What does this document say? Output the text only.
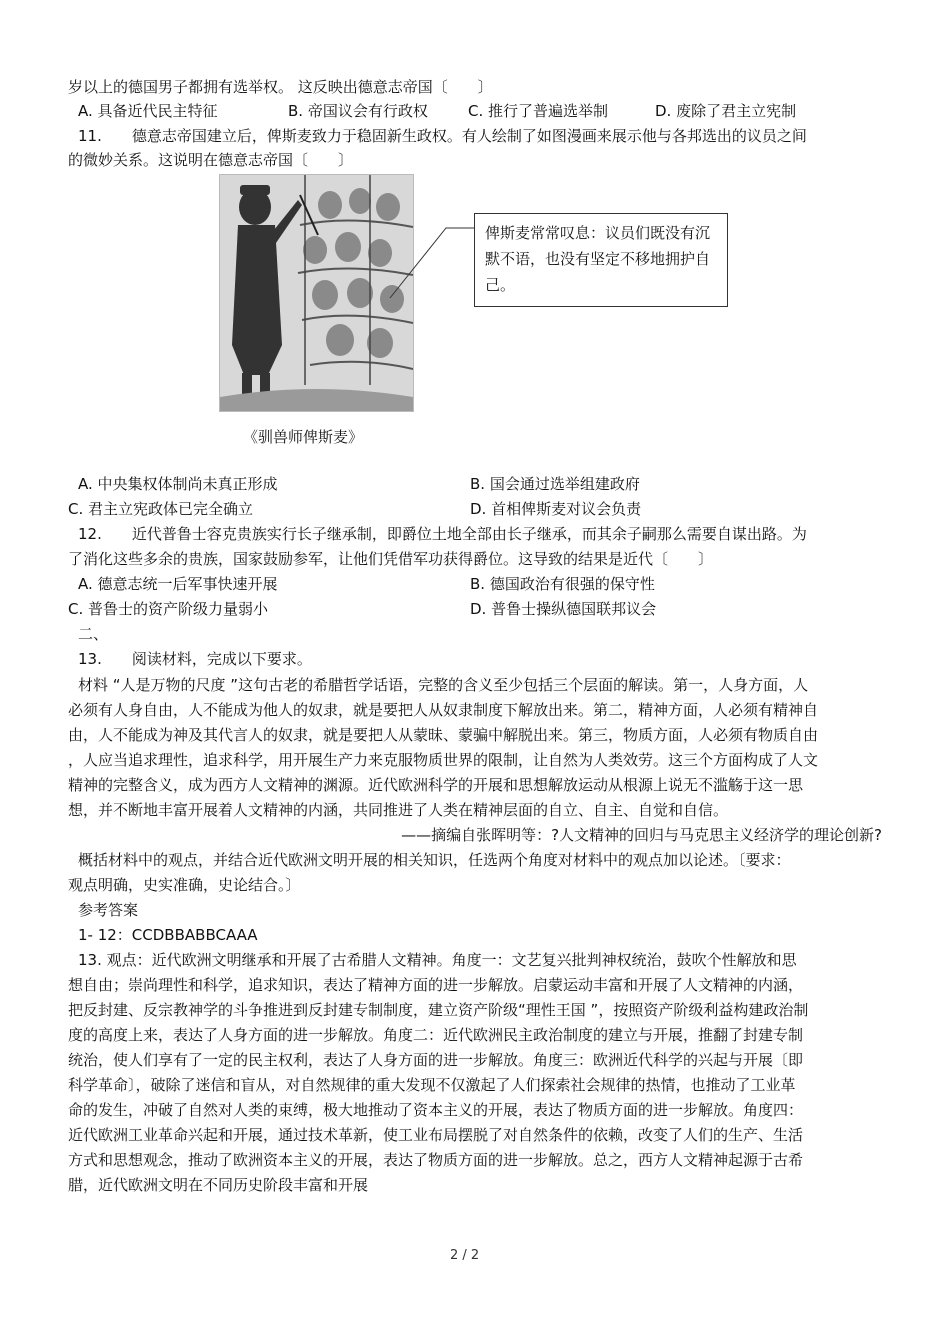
岁以上的德国男子都拥有选举权。 这反映出德意志帝国〔　　〕
A. 具备近代民主特征	B. 帝国议会有行政权	C. 推行了普遍选举制	D. 废除了君主立宪制
11.　　德意志帝国建立后，俾斯麦致力于稳固新生政权。有人绘制了如图漫画来展示他与各邦选出的议员之间
的微妙关系。这说明在德意志帝国〔　　〕
俾斯麦常常叹息：议员们既没有沉默不语，也没有坚定不移地拥护自己。
《驯兽师俾斯麦》
A. 中央集权体制尚未真正形成	B. 国会通过选举组建政府
C. 君主立宪政体已完全确立	D. 首相俾斯麦对议会负责
12.　　近代普鲁士容克贵族实行长子继承制，即爵位土地全部由长子继承，而其余子嗣那么需要自谋出路。为
了消化这些多余的贵族，国家鼓励参军，让他们凭借军功获得爵位。这导致的结果是近代〔　　〕
A. 德意志统一后军事快速开展	B. 德国政治有很强的保守性
C. 普鲁士的资产阶级力量弱小	D. 普鲁士操纵德国联邦议会
二、
13.　　阅读材料，完成以下要求。
材料 “人是万物的尺度 ”这句古老的希腊哲学话语，完整的含义至少包括三个层面的解读。第一，人身方面，人
必须有人身自由，人不能成为他人的奴隶，就是要把人从奴隶制度下解放出来。第二，精神方面，人必须有精神自
由，人不能成为神及其代言人的奴隶，就是要把人从蒙昧、蒙骗中解脱出来。第三，物质方面，人必须有物质自由
，人应当追求理性，追求科学，用开展生产力来克服物质世界的限制，让自然为人类效劳。这三个方面构成了人文
精神的完整含义，成为西方人文精神的渊源。近代欧洲科学的开展和思想解放运动从根源上说无不滥觞于这一思
想，并不断地丰富开展着人文精神的内涵，共同推进了人类在精神层面的自立、自主、自觉和自信。
——摘编自张晖明等：?人文精神的回归与马克思主义经济学的理论创新?
概括材料中的观点，并结合近代欧洲文明开展的相关知识，任选两个角度对材料中的观点加以论述。〔要求：
观点明确，史实准确，史论结合。〕
参考答案
1- 12：CCDBBABBCAAA
13. 观点：近代欧洲文明继承和开展了古希腊人文精神。角度一：文艺复兴批判神权统治，鼓吹个性解放和思
想自由；崇尚理性和科学，追求知识，表达了精神方面的进一步解放。启蒙运动丰富和开展了人文精神的内涵，
把反封建、反宗教神学的斗争推进到反封建专制制度，建立资产阶级“理性王国 ”，按照资产阶级利益构建政治制
度的高度上来，表达了人身方面的进一步解放。角度二：近代欧洲民主政治制度的建立与开展，推翻了封建专制
统治，使人们享有了一定的民主权利，表达了人身方面的进一步解放。角度三：欧洲近代科学的兴起与开展〔即
科学革命〕，破除了迷信和盲从，对自然规律的重大发现不仅激起了人们探索社会规律的热情，也推动了工业革
命的发生，冲破了自然对人类的束缚，极大地推动了资本主义的开展，表达了物质方面的进一步解放。角度四：
近代欧洲工业革命兴起和开展，通过技术革新，使工业布局摆脱了对自然条件的依赖，改变了人们的生产、生活
方式和思想观念，推动了欧洲资本主义的开展，表达了物质方面的进一步解放。总之，西方人文精神起源于古希
腊，近代欧洲文明在不同历史阶段丰富和开展
2 / 2
